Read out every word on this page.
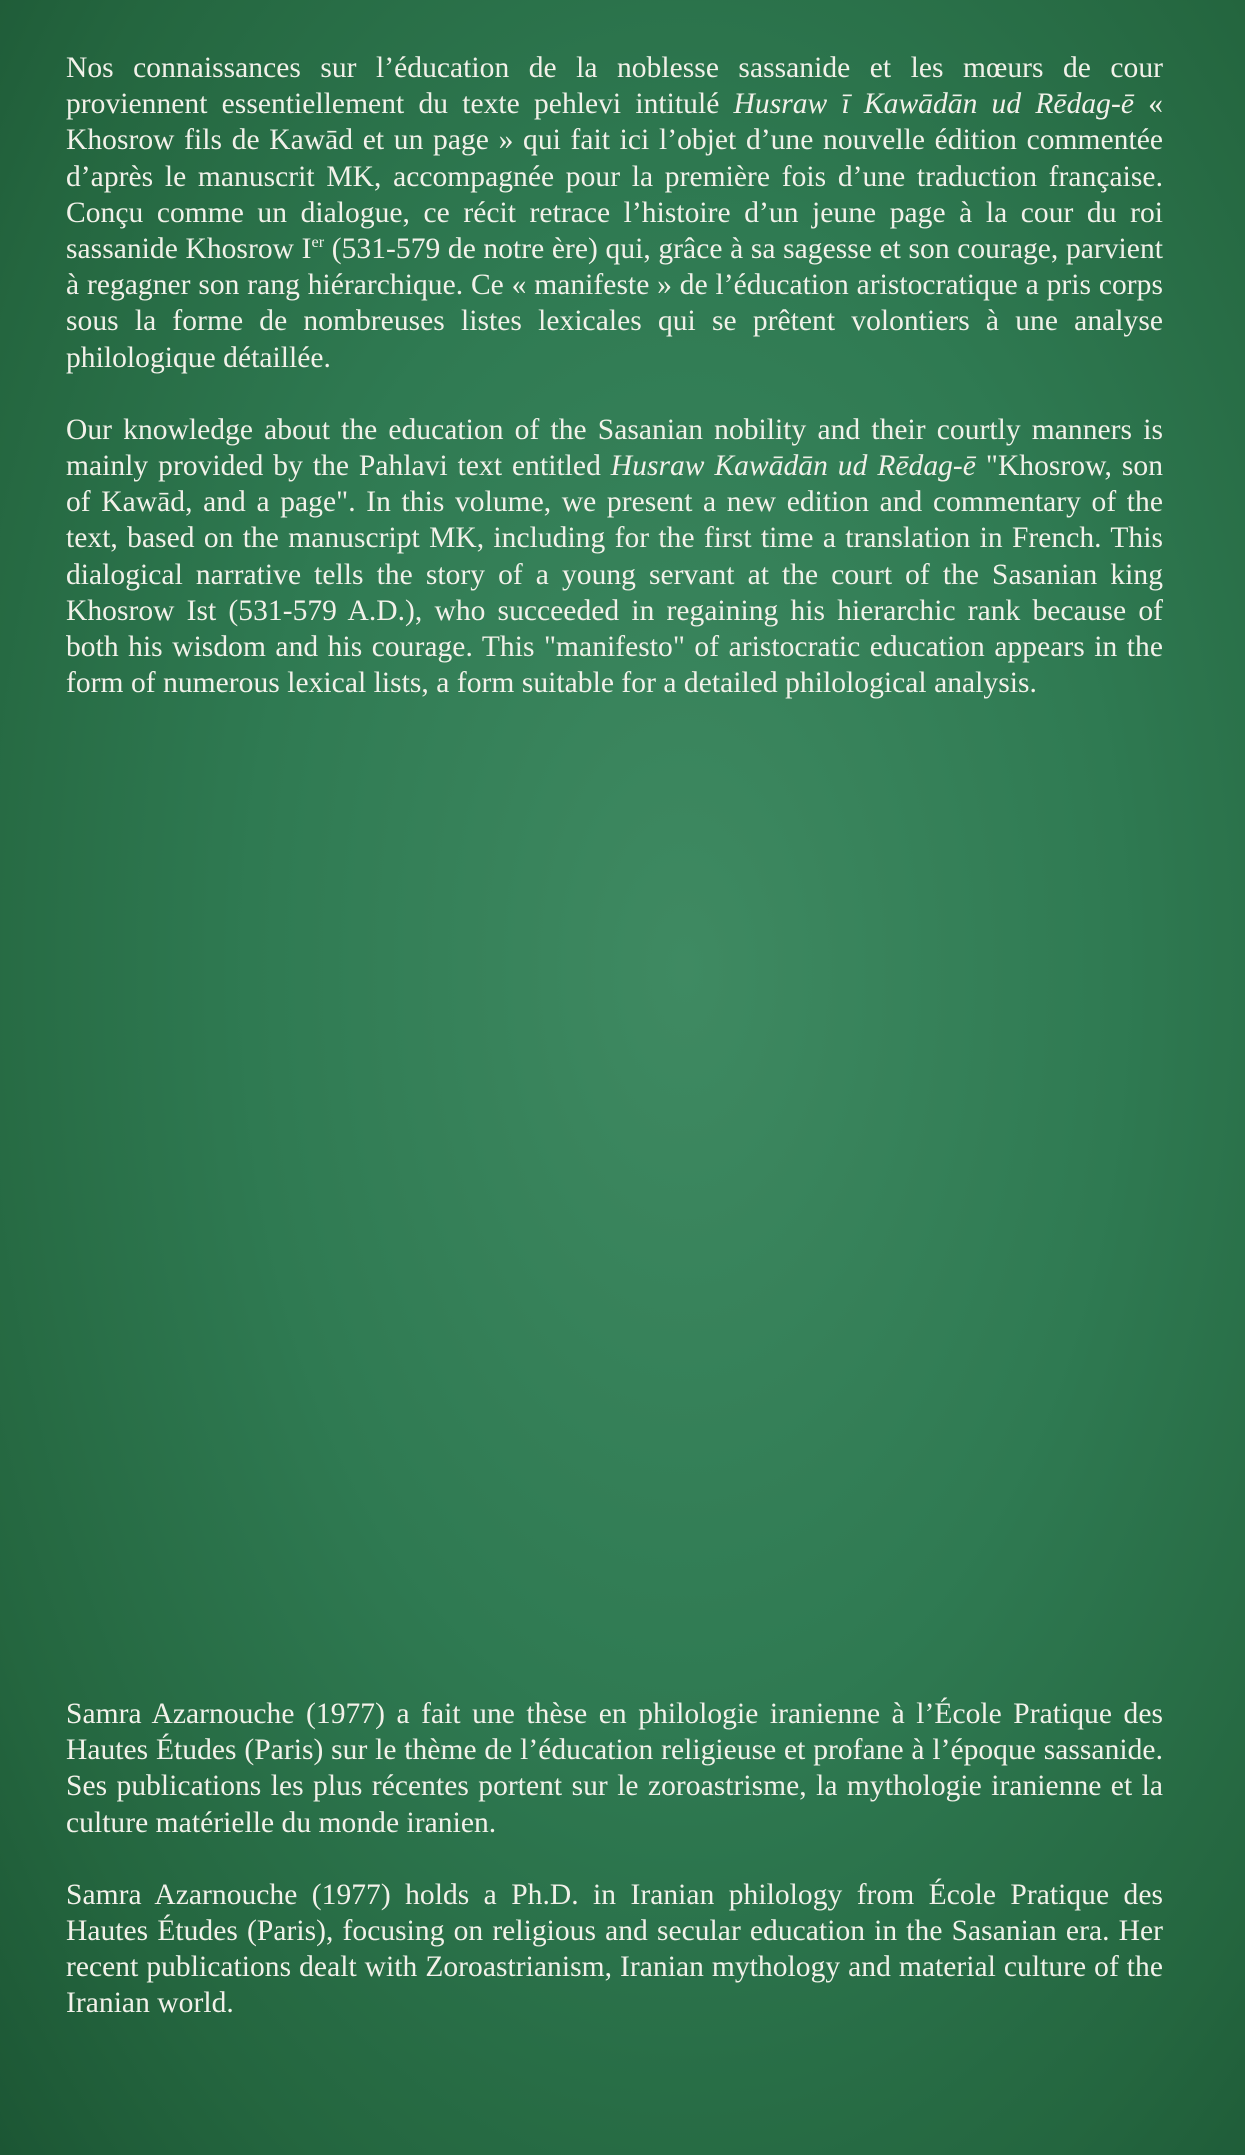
Nos connaissances sur l’éducation de la noblesse sassanide et les mœurs de cour proviennent essentiellement du texte pehlevi intitulé Husraw ī Kawādān ud Rēdag-ē « Khosrow fils de Kawād et un page » qui fait ici l’objet d’une nouvelle édition commentée d’après le manuscrit MK, accompagnée pour la première fois d’une traduction française. Conçu comme un dialogue, ce récit retrace l’histoire d’un jeune page à la cour du roi sassanide Khosrow Ier (531-579 de notre ère) qui, grâce à sa sagesse et son courage, parvient à regagner son rang hiérarchique. Ce « manifeste » de l’éducation aristocratique a pris corps sous la forme de nombreuses listes lexicales qui se prêtent volontiers à une analyse philologique détaillée.

Our knowledge about the education of the Sasanian nobility and their courtly manners is mainly provided by the Pahlavi text entitled Husraw Kawādān ud Rēdag-ē "Khosrow, son of Kawād, and a page". In this volume, we present a new edition and commentary of the text, based on the manuscript MK, including for the first time a translation in French. This dialogical narrative tells the story of a young servant at the court of the Sasanian king Khosrow Ist (531-579 A.D.), who succeeded in regaining his hierarchic rank because of both his wisdom and his courage. This "manifesto" of aristocratic education appears in the form of numerous lexical lists, a form suitable for a detailed philological analysis.

Samra Azarnouche (1977) a fait une thèse en philologie iranienne à l’École Pratique des Hautes Études (Paris) sur le thème de l’éducation religieuse et profane à l’époque sassanide. Ses publications les plus récentes portent sur le zoroastrisme, la mythologie iranienne et la culture matérielle du monde iranien.

Samra Azarnouche (1977) holds a Ph.D. in Iranian philology from École Pratique des Hautes Études (Paris), focusing on religious and secular education in the Sasanian era. Her recent publications dealt with Zoroastrianism, Iranian mythology and material culture of the Iranian world.
